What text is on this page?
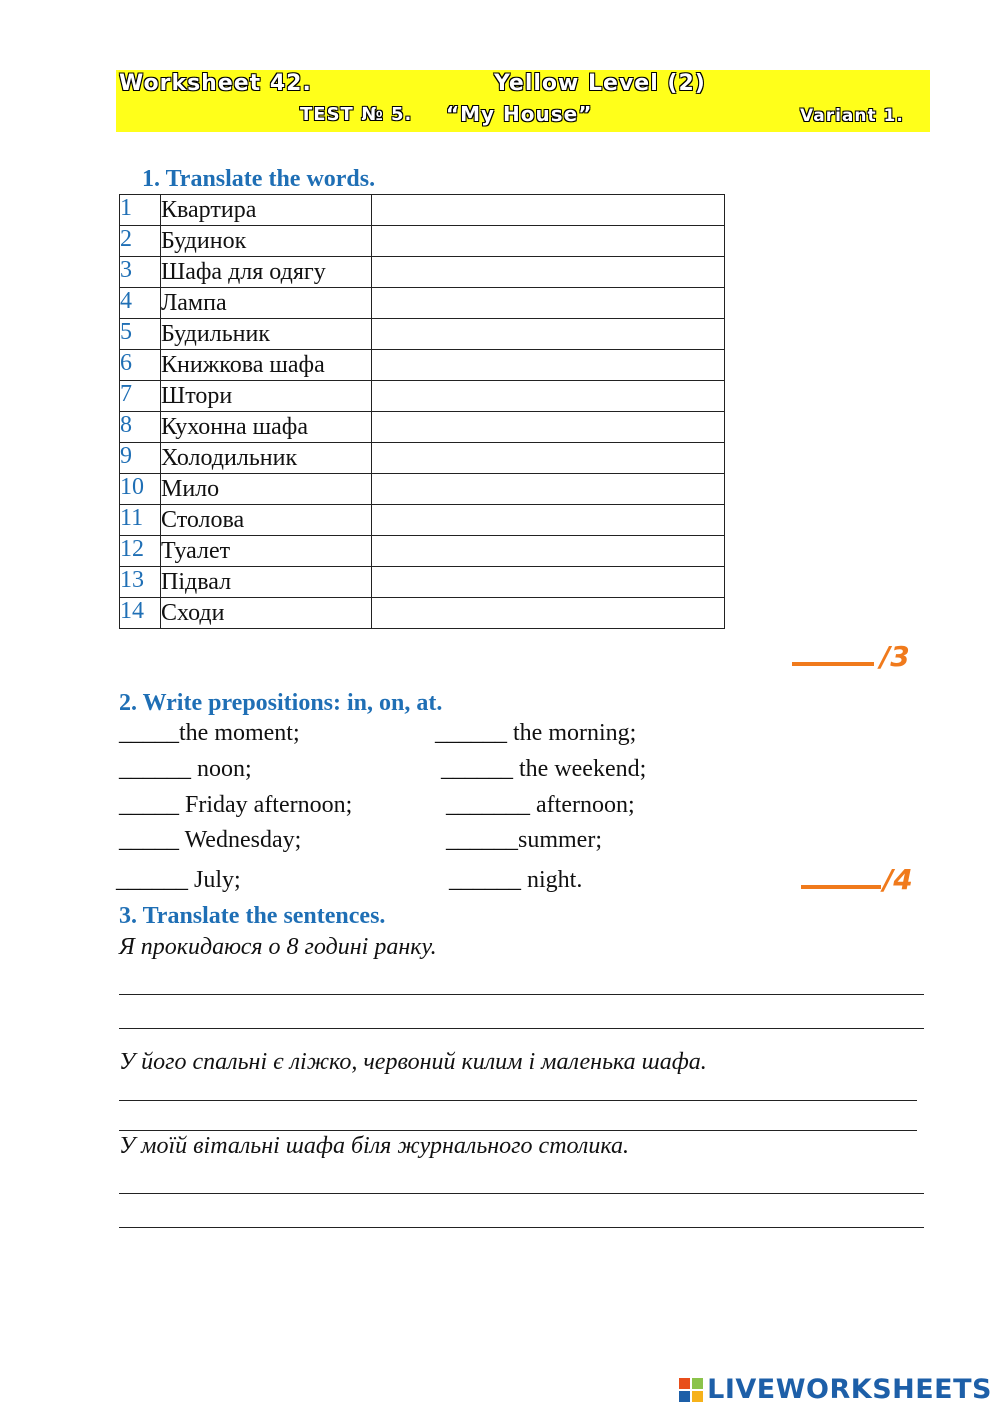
Worksheet 42.	Yellow Level (2)
TEST № 5. “My House”	Variant 1.
1. Translate the words.
1	Квартира	
2	Будинок	
3	Шафа для одягу	
4	Лампа	
5	Будильник	
6	Книжкова шафа	
7	Штори	
8	Кухонна шафа	
9	Холодильник	
10	Мило	
11	Столова	
12	Туалет	
13	Підвал	
14	Сходи	
/3
2. Write prepositions: in, on, at.
_____the moment;
______ noon;
_____ Friday afternoon;
_____ Wednesday;
______ July;
______ the morning;
______ the weekend;
_______ afternoon;
______summer;
______ night.	/4
3. Translate the sentences.
Я прокидаюся о 8 годині ранку.
У його спальні є ліжко, червоний килим і маленька шафа.
У моїй вітальні шафа біля журнального столика.
LIVEWORKSHEETS
